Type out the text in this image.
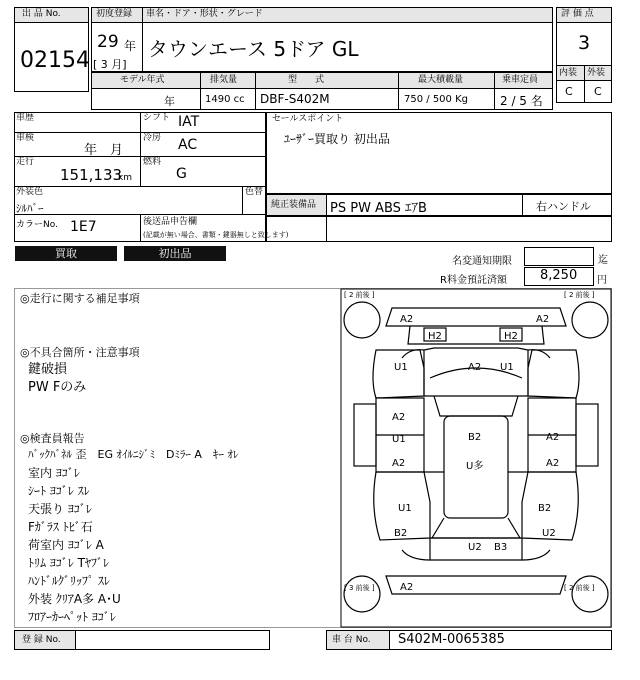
出 品 No.
02154
初度登録 車名・ドア・形状・グレード
29 年
[ 3 月]
タウンエース 5ドア GL
評 価 点
3
内装 外装
C C
モデル年式	排気量	型　　式	最大積載量	乗車定員
年	1490 cc DBF-S402M	750 / 500 Kg	2 / 5 名
車歴	シフト IAT
車検
年　月
冷房 AC
走行
151,133
km
燃料
G
外装色
ｼﾙﾊﾞｰ
色替
カラーNo. 1E7	後送品申告欄
(記載が無い場合、書類・鍵器無しと致します)
セールスポイント
ﾕｰｻﾞｰ買取り 初出品
純正装備品 PS PW ABS ｴｱB	右ハンドル
買取	初出品
名変通知期限	迄
R料金預託済額	8,250 円
◎走行に関する補足事項
◎不具合箇所・注意事項
鍵破損
PW Fのみ
◎検査員報告
ﾊﾞｯｸﾊﾞﾈﾙ 歪　EG ｵｲﾙﾆｼﾞﾐ　Dﾐﾗｰ A　ｷｰ ｵﾚ
室内 ﾖｺﾞﾚ
ｼｰﾄ ﾖｺﾞﾚ ｽﾚ
天張り ﾖｺﾞﾚ
Fｶﾞﾗｽ ﾄﾋﾞ石
荷室内 ﾖｺﾞﾚ A
ﾄﾘﾑ ﾖｺﾞﾚ Tﾔﾌﾞﾚ
ﾊﾝﾄﾞﾙｸﾞﾘｯﾌﾟ ｽﾚ
外装 ｸﾘｱA多 A･U
ﾌﾛｱｰｶｰﾍﾟｯﾄ ﾖｺﾞﾚ
[ 2 前後 ]	[ 2 前後 ]
[ 3 前後 ]	[ 2 前後 ]
A2	A2
H2	H2
U1	A2 U1
A2
U1
A2
B2
U多
A2
A2
U1
B2
B2
U2
U2 B3
A2
登 録 No.	車 台 No. S402M-0065385
